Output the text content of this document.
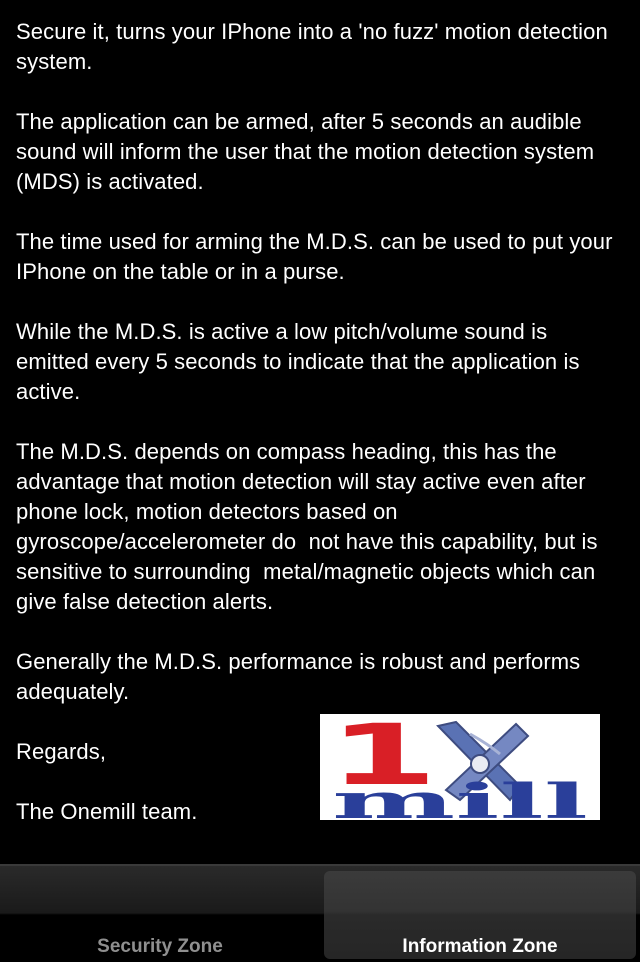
Secure it, turns your IPhone into a 'no fuzz' motion detection system.

The application can be armed, after 5 seconds an audible sound will inform the user that the motion detection system (MDS) is activated.

The time used for arming the M.D.S. can be used to put your IPhone on the table or in a purse.

While the M.D.S. is active a low pitch/volume sound is emitted every 5 seconds to indicate that the application is active.

The M.D.S. depends on compass heading, this has the advantage that motion detection will stay active even after phone lock, motion detectors based on gyroscope/accelerometer do  not have this capability, but is sensitive to surrounding  metal/magnetic objects which can give false detection alerts.

Generally the M.D.S. performance is robust and performs adequately.

Regards,

The Onemill team.

1
mill
Security Zone	Information Zone
